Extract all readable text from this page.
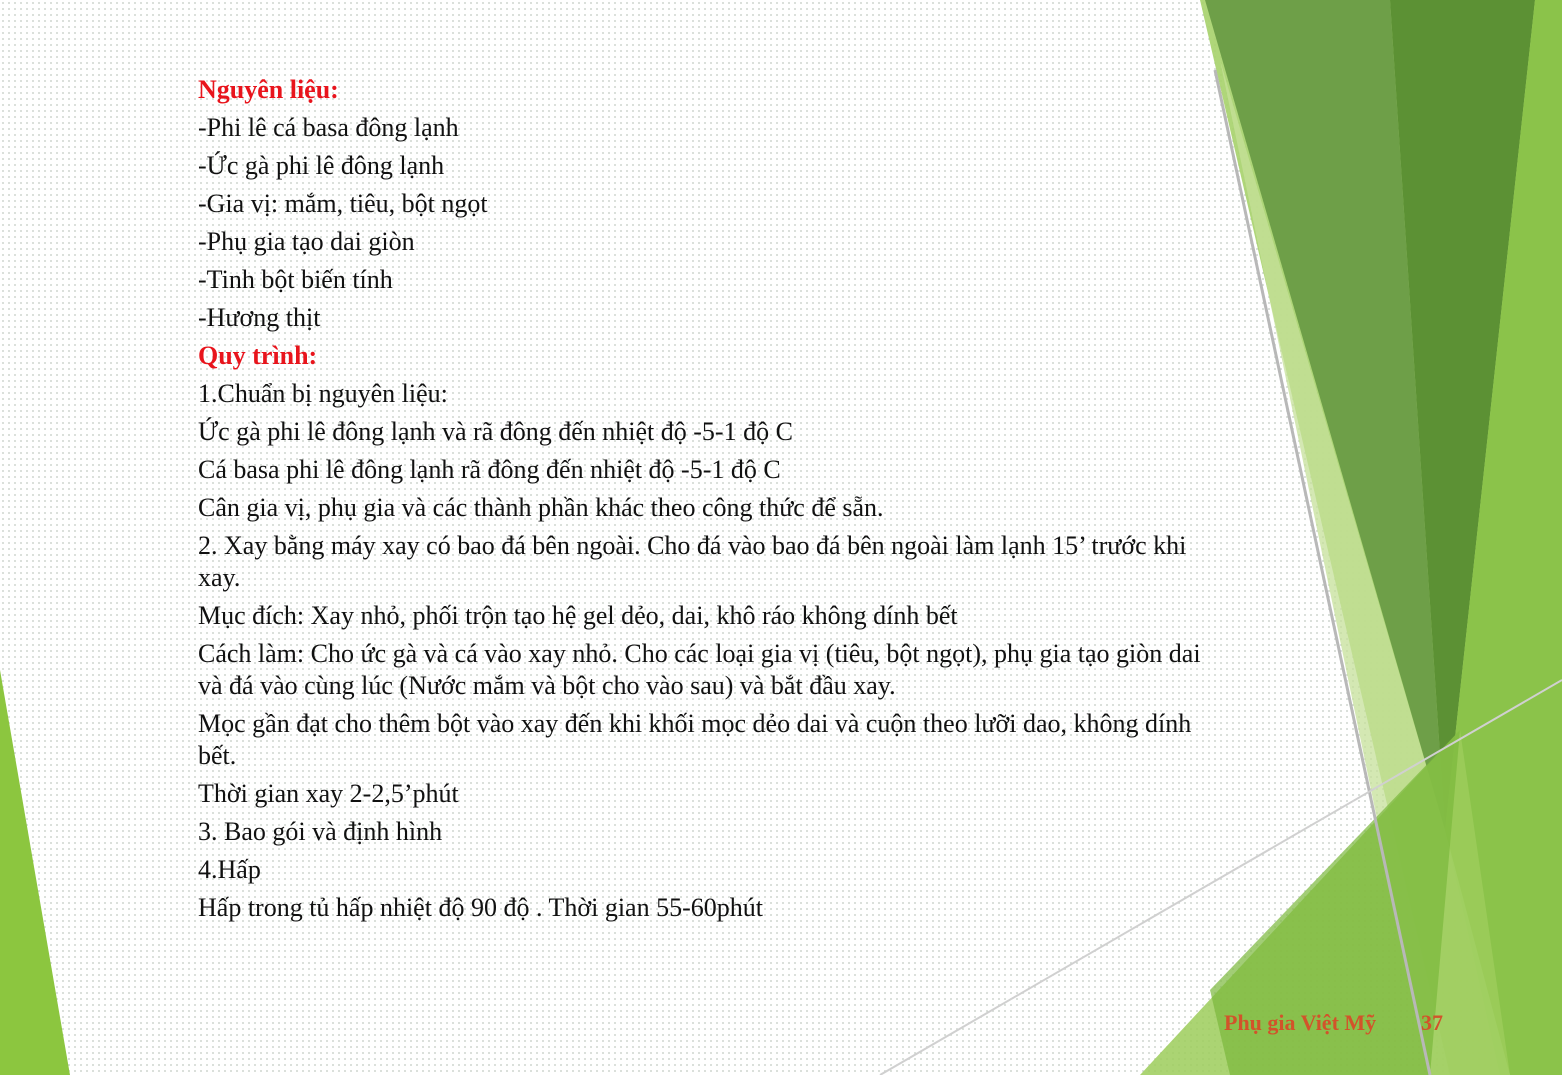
Nguyên liệu:

-Phi lê cá basa đông lạnh

-Ức gà phi lê đông lạnh

-Gia vị: mắm, tiêu, bột ngọt

-Phụ gia tạo dai giòn

-Tinh bột biến tính

-Hương thịt

Quy trình:

1.Chuẩn bị nguyên liệu:

Ức gà phi lê đông lạnh và rã đông đến nhiệt độ -5-1 độ C

Cá basa phi lê đông lạnh rã đông đến nhiệt độ -5-1 độ C

Cân gia vị, phụ gia và các thành phần khác theo công thức để sẵn.

2. Xay bằng máy xay có bao đá bên ngoài. Cho đá vào bao đá bên ngoài làm lạnh 15’ trước khi xay.

Mục đích: Xay nhỏ, phối trộn tạo hệ gel dẻo, dai, khô ráo không dính bết

Cách làm: Cho ức gà và cá vào xay nhỏ. Cho các loại gia vị (tiêu, bột ngọt), phụ gia tạo giòn dai và đá vào cùng lúc (Nước mắm và bột cho vào sau) và bắt đầu xay.

Mọc gần đạt cho thêm bột vào xay đến khi khối mọc dẻo dai và cuộn theo lưỡi dao, không dính bết.

Thời gian xay 2-2,5’phút

3. Bao gói và định hình

4.Hấp

Hấp trong tủ hấp nhiệt độ 90 độ . Thời gian 55-60phút

Phụ gia Việt Mỹ 37
